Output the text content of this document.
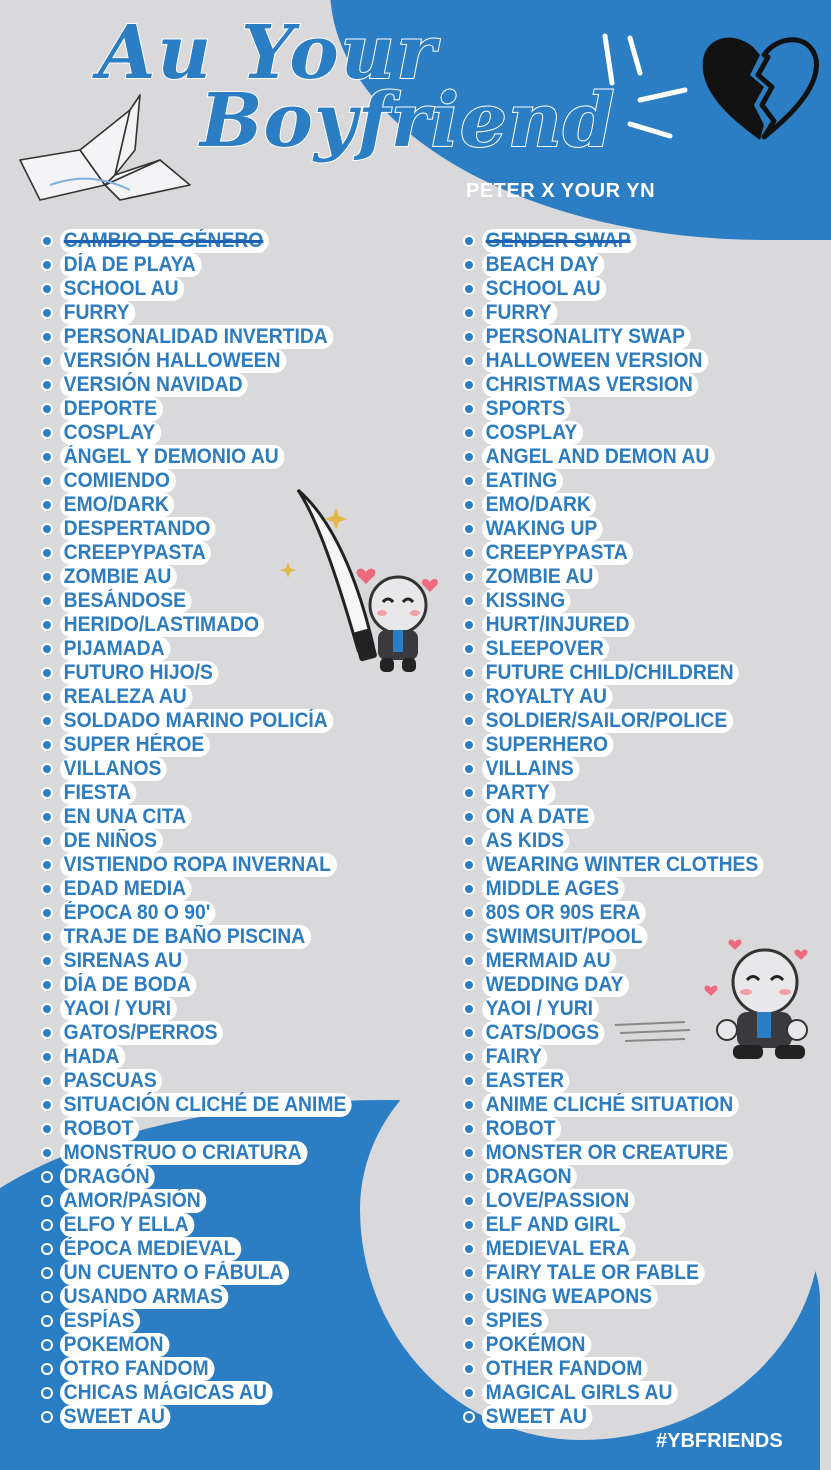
Au Your
Boyfriend
PETER X YOUR YN
CAMBIO DE GÉNERO
DÍA DE PLAYA
SCHOOL AU
FURRY
PERSONALIDAD INVERTIDA
VERSIÓN HALLOWEEN
VERSIÓN NAVIDAD
DEPORTE
COSPLAY
ÁNGEL Y DEMONIO AU
COMIENDO
EMO/DARK
DESPERTANDO
CREEPYPASTA
ZOMBIE AU
BESÁNDOSE
HERIDO/LASTIMADO
PIJAMADA
FUTURO HIJO/S
REALEZA AU
SOLDADO MARINO POLICÍA
SUPER HÉROE
VILLANOS
FIESTA
EN UNA CITA
DE NIÑOS
VISTIENDO ROPA INVERNAL
EDAD MEDIA
ÉPOCA 80 O 90'
TRAJE DE BAÑO PISCINA
SIRENAS AU
DÍA DE BODA
YAOI / YURI
GATOS/PERROS
HADA
PASCUAS
SITUACIÓN CLICHÉ DE ANIME
ROBOT
MONSTRUO O CRIATURA
DRAGÓN
AMOR/PASIÓN
ELFO Y ELLA
ÉPOCA MEDIEVAL
UN CUENTO O FÁBULA
USANDO ARMAS
ESPÍAS
POKEMON
OTRO FANDOM
CHICAS MÁGICAS AU
SWEET AU
GENDER SWAP
BEACH DAY
SCHOOL AU
FURRY
PERSONALITY SWAP
HALLOWEEN VERSION
CHRISTMAS VERSION
SPORTS
COSPLAY
ANGEL AND DEMON AU
EATING
EMO/DARK
WAKING UP
CREEPYPASTA
ZOMBIE AU
KISSING
HURT/INJURED
SLEEPOVER
FUTURE CHILD/CHILDREN
ROYALTY AU
SOLDIER/SAILOR/POLICE
SUPERHERO
VILLAINS
PARTY
ON A DATE
AS KIDS
WEARING WINTER CLOTHES
MIDDLE AGES
80S OR 90S ERA
SWIMSUIT/POOL
MERMAID AU
WEDDING DAY
YAOI / YURI
CATS/DOGS
FAIRY
EASTER
ANIME CLICHÉ SITUATION
ROBOT
MONSTER OR CREATURE
DRAGON
LOVE/PASSION
ELF AND GIRL
MEDIEVAL ERA
FAIRY TALE OR FABLE
USING WEAPONS
SPIES
POKÉMON
OTHER FANDOM
MAGICAL GIRLS AU
SWEET AU
#YBFRIENDS
